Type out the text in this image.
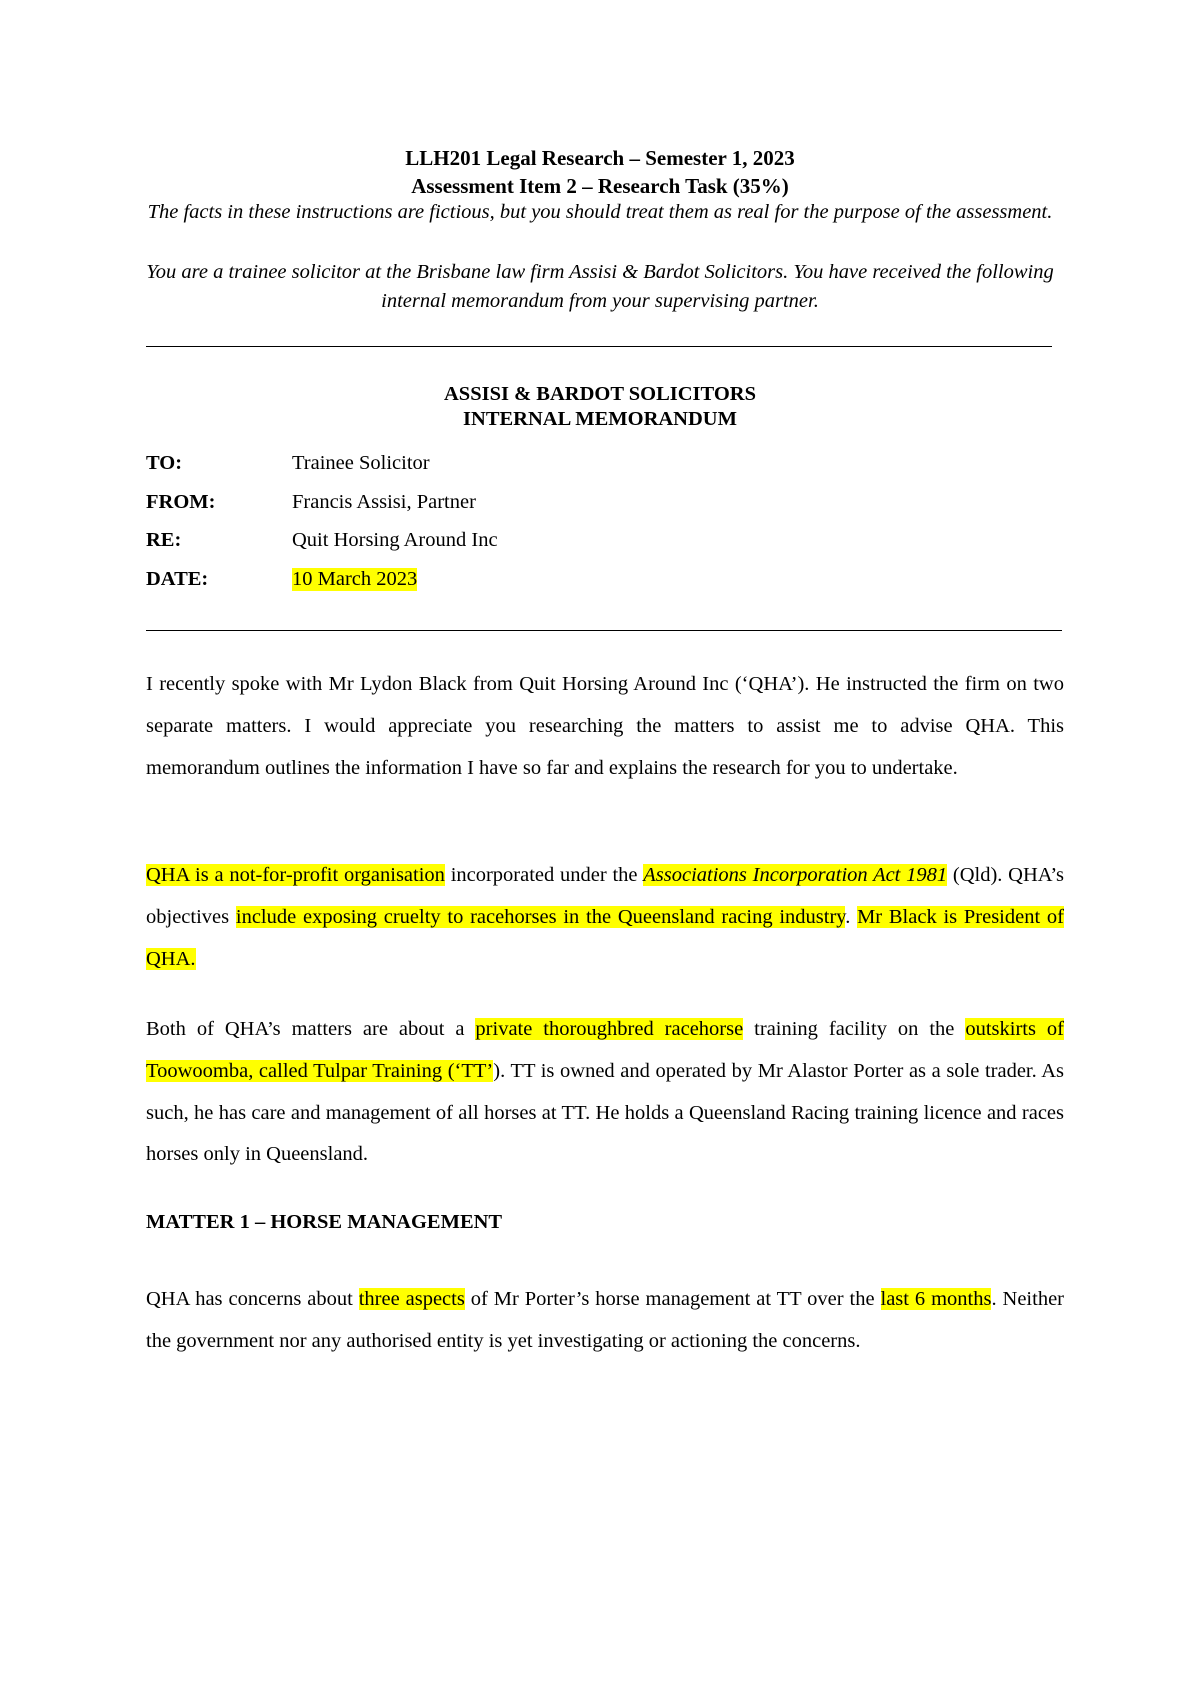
LLH201 Legal Research – Semester 1, 2023
Assessment Item 2 – Research Task (35%)
The facts in these instructions are fictious, but you should treat them as real for the purpose of the assessment.
You are a trainee solicitor at the Brisbane law firm Assisi & Bardot Solicitors. You have received the following internal memorandum from your supervising partner.
ASSISI & BARDOT SOLICITORS
INTERNAL MEMORANDUM
TO:	Trainee Solicitor
FROM:	Francis Assisi, Partner
RE:	Quit Horsing Around Inc
DATE:	10 March 2023
I recently spoke with Mr Lydon Black from Quit Horsing Around Inc (‘QHA’). He instructed the firm on two separate matters. I would appreciate you researching the matters to assist me to advise QHA. This memorandum outlines the information I have so far and explains the research for you to undertake.
QHA is a not-for-profit organisation incorporated under the Associations Incorporation Act 1981 (Qld). QHA’s objectives include exposing cruelty to racehorses in the Queensland racing industry. Mr Black is President of QHA.
Both of QHA’s matters are about a private thoroughbred racehorse training facility on the outskirts of Toowoomba, called Tulpar Training (‘TT’). TT is owned and operated by Mr Alastor Porter as a sole trader. As such, he has care and management of all horses at TT. He holds a Queensland Racing training licence and races horses only in Queensland.
MATTER 1 – HORSE MANAGEMENT
QHA has concerns about three aspects of Mr Porter’s horse management at TT over the last 6 months. Neither the government nor any authorised entity is yet investigating or actioning the concerns.
